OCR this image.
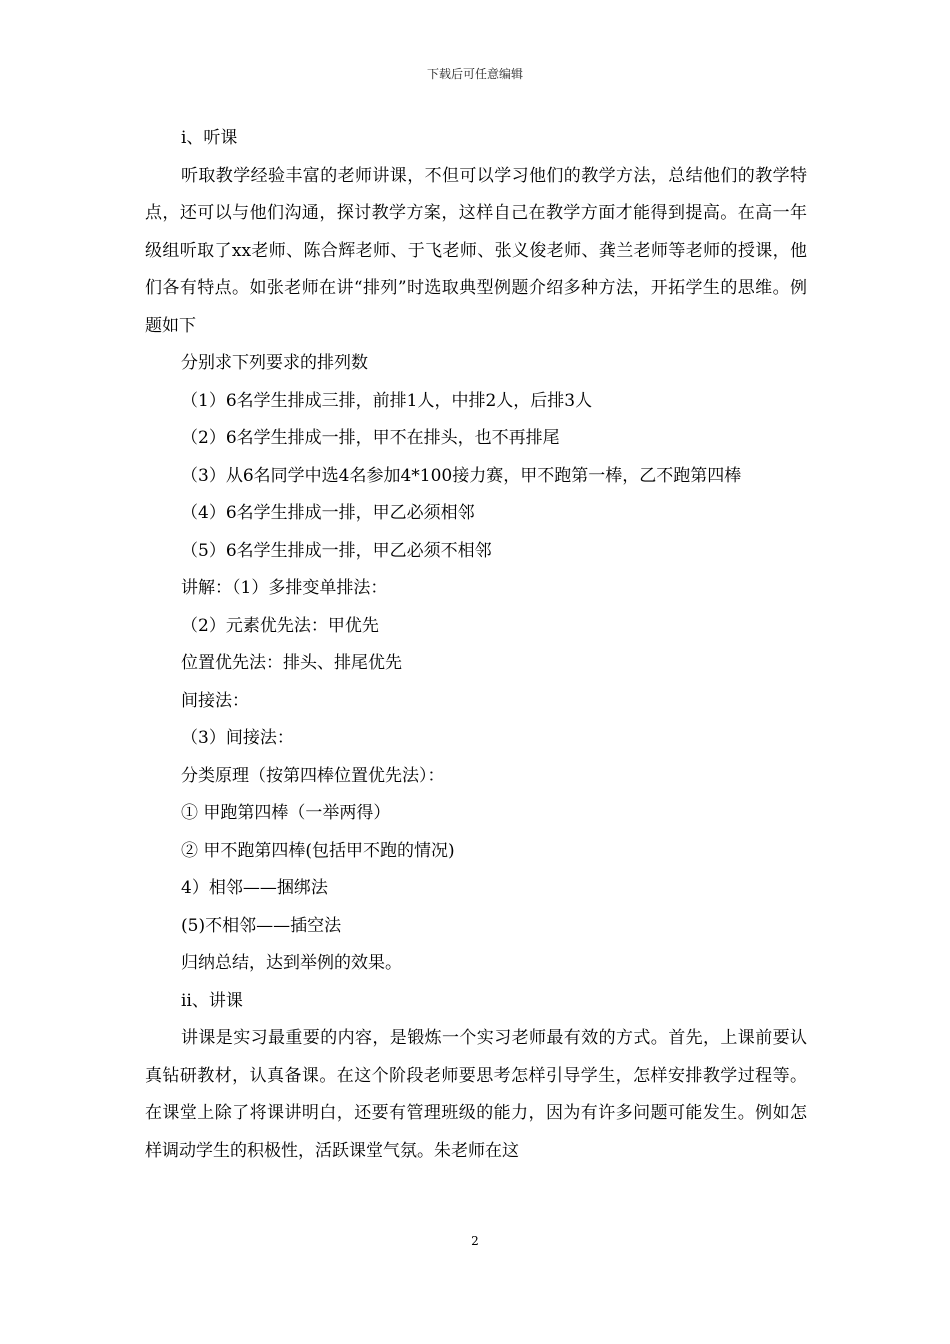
下载后可任意编辑

ⅰ、听课

听取教学经验丰富的老师讲课，不但可以学习他们的教学方法，总结他们的教学特点，还可以与他们沟通，探讨教学方案，这样自己在教学方面才能得到提高。在高一年级组听取了xx老师、陈合辉老师、于飞老师、张义俊老师、龚兰老师等老师的授课，他们各有特点。如张老师在讲“排列”时选取典型例题介绍多种方法，开拓学生的思维。例题如下

分别求下列要求的排列数

（1）6名学生排成三排，前排1人，中排2人，后排3人

（2）6名学生排成一排，甲不在排头，也不再排尾

（3）从6名同学中选4名参加4*100接力赛，甲不跑第一棒，乙不跑第四棒

（4）6名学生排成一排，甲乙必须相邻

（5）6名学生排成一排，甲乙必须不相邻

讲解：（1）多排变单排法：

（2）元素优先法：甲优先

位置优先法：排头、排尾优先

间接法：

（3）间接法：

分类原理（按第四棒位置优先法）：

① 甲跑第四棒（一举两得）

② 甲不跑第四棒(包括甲不跑的情况)

4）相邻——捆绑法

(5)不相邻——插空法

归纳总结，达到举例的效果。

ⅱ、讲课

讲课是实习最重要的内容，是锻炼一个实习老师最有效的方式。首先，上课前要认真钻研教材，认真备课。在这个阶段老师要思考怎样引导学生，怎样安排教学过程等。在课堂上除了将课讲明白，还要有管理班级的能力，因为有许多问题可能发生。例如怎样调动学生的积极性，活跃课堂气氛。朱老师在这

2
